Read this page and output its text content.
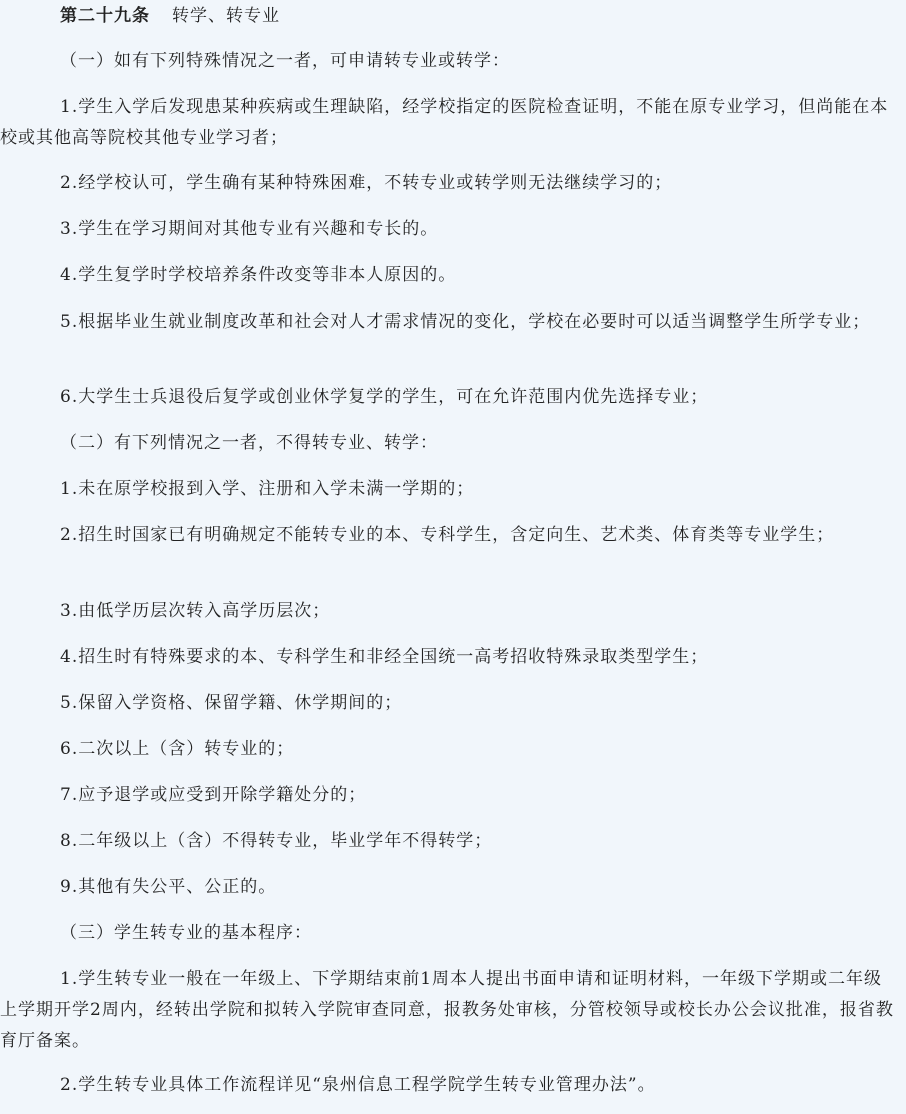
第二十九条 转学、转专业

（一）如有下列特殊情况之一者，可申请转专业或转学：

1.学生入学后发现患某种疾病或生理缺陷，经学校指定的医院检查证明，不能在原专业学习，但尚能在本校或其他高等院校其他专业学习者；

2.经学校认可，学生确有某种特殊困难，不转专业或转学则无法继续学习的；

3.学生在学习期间对其他专业有兴趣和专长的。

4.学生复学时学校培养条件改变等非本人原因的。

5.根据毕业生就业制度改革和社会对人才需求情况的变化，学校在必要时可以适当调整学生所学专业；

6.大学生士兵退役后复学或创业休学复学的学生，可在允许范围内优先选择专业；

（二）有下列情况之一者，不得转专业、转学：

1.未在原学校报到入学、注册和入学未满一学期的；

2.招生时国家已有明确规定不能转专业的本、专科学生，含定向生、艺术类、体育类等专业学生；

3.由低学历层次转入高学历层次；

4.招生时有特殊要求的本、专科学生和非经全国统一高考招收特殊录取类型学生；

5.保留入学资格、保留学籍、休学期间的；

6.二次以上（含）转专业的；

7.应予退学或应受到开除学籍处分的；

8.二年级以上（含）不得转专业，毕业学年不得转学；

9.其他有失公平、公正的。

（三）学生转专业的基本程序：

1.学生转专业一般在一年级上、下学期结束前1周本人提出书面申请和证明材料，一年级下学期或二年级上学期开学2周内，经转出学院和拟转入学院审查同意，报教务处审核，分管校领导或校长办公会议批准，报省教育厅备案。

2.学生转专业具体工作流程详见“泉州信息工程学院学生转专业管理办法”。
